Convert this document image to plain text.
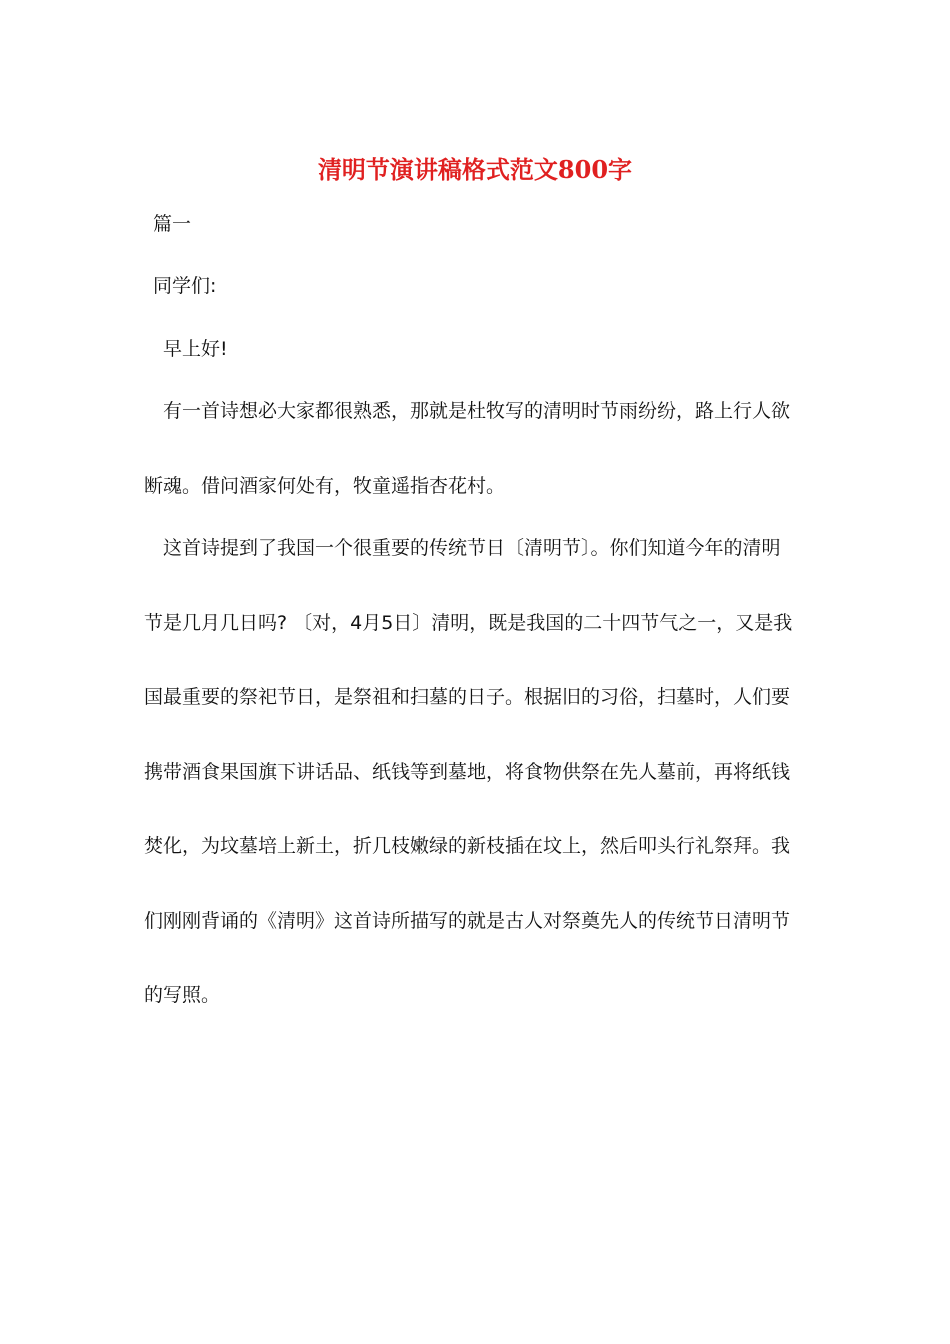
清明节演讲稿格式范文800字
篇一
同学们:
早上好!
有一首诗想必大家都很熟悉，那就是杜牧写的清明时节雨纷纷，路上行人欲
断魂。借问酒家何处有，牧童遥指杏花村。
这首诗提到了我国一个很重要的传统节日〔清明节〕。你们知道今年的清明
节是几月几日吗? 〔对，4月5日〕清明，既是我国的二十四节气之一，又是我
国最重要的祭祀节日，是祭祖和扫墓的日子。根据旧的习俗，扫墓时，人们要
携带酒食果国旗下讲话品、纸钱等到墓地，将食物供祭在先人墓前，再将纸钱
焚化，为坟墓培上新土，折几枝嫩绿的新枝插在坟上，然后叩头行礼祭拜。我
们刚刚背诵的《清明》这首诗所描写的就是古人对祭奠先人的传统节日清明节
的写照。
